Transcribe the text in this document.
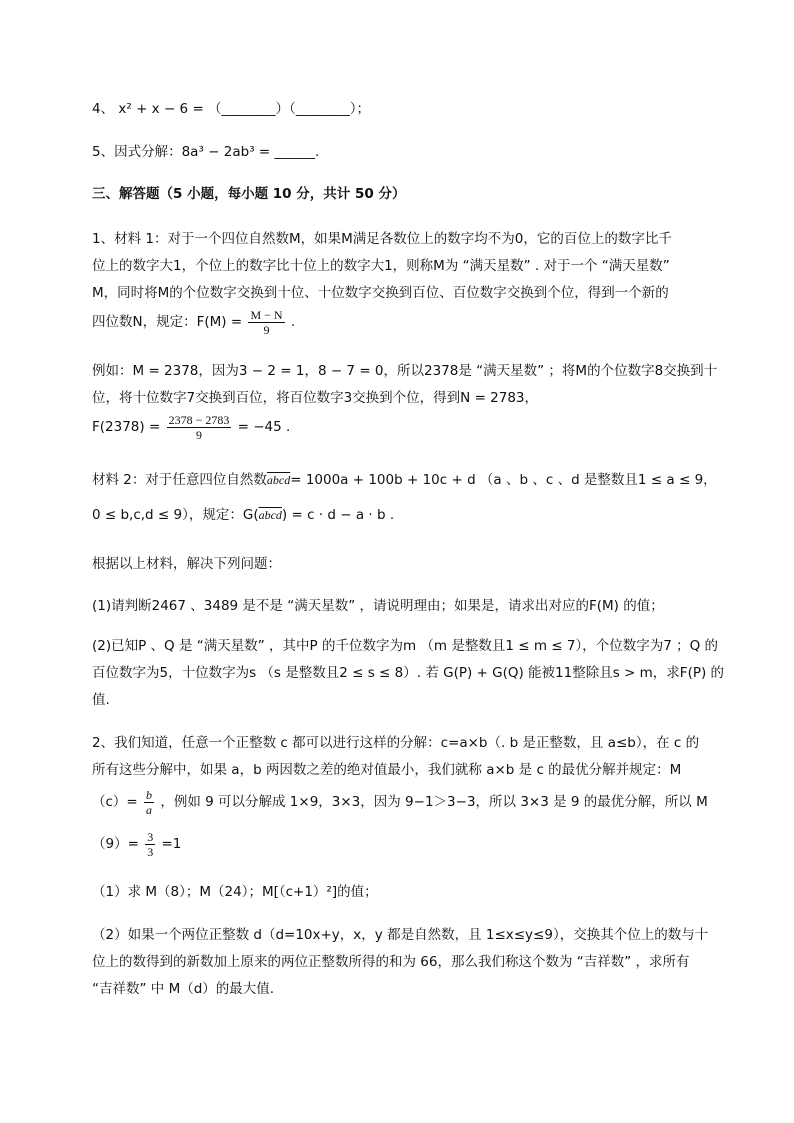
4、 x² + x − 6 = （________）（________）；
5、因式分解：8a³ − 2ab³ = ______.
三、解答题（5 小题，每小题 10 分，共计 50 分）
1、材料 1：对于一个四位自然数M，如果M满足各数位上的数字均不为0，它的百位上的数字比千
位上的数字大1，个位上的数字比十位上的数字大1，则称M为 “满天星数” . 对于一个 “满天星数”
M，同时将M的个位数字交换到十位、十位数字交换到百位、百位数字交换到个位，得到一个新的
四位数N，规定：$F(M) = \frac{M - N}{9}$ .
例如：M = 2378，因为3 − 2 = 1，8 − 7 = 0，所以2378是 “满天星数” ；将M的个位数字8交换到十
位，将十位数字7交换到百位，将百位数字3交换到个位，得到N = 2783，
$F(2378) = \frac{2378 - 2783}{9} = -45$ .
材料 2：对于任意四位自然数abcd= 1000a + 100b + 10c + d （a 、b 、c 、d 是整数且1 ≤ a ≤ 9，
0 ≤ b,c,d ≤ 9），规定：G(abcd) = c · d − a · b .
根据以上材料，解决下列问题：
(1)请判断2467 、3489 是不是 “满天星数” ，请说明理由；如果是，请求出对应的F(M) 的值；
(2)已知P 、Q 是 “满天星数” ，其中P 的千位数字为m （m 是整数且1 ≤ m ≤ 7），个位数字为7 ；Q 的
百位数字为5，十位数字为s （s 是整数且2 ≤ s ≤ 8）. 若 G(P) + G(Q) 能被11整除且s > m，求F(P) 的
值.
2、我们知道，任意一个正整数 c 都可以进行这样的分解：c=a×b（. b 是正整数，且 a≤b），在 c 的
所有这些分解中，如果 a，b 两因数之差的绝对值最小，我们就称 a×b 是 c 的最优分解并规定：M
$(c)= \frac{b}{a}$ ，例如 9 可以分解成 1×9，3×3，因为 9−1＞3−3，所以 3×3 是 9 的最优分解，所以 M
$(9)= \frac{3}{3} =1$
（1）求 M（8）；M（24）；M[（c+1）²]的值；
（2）如果一个两位正整数 d（d=10x+y，x，y 都是自然数，且 1≤x≤y≤9），交换其个位上的数与十
位上的数得到的新数加上原来的两位正整数所得的和为 66，那么我们称这个数为 “吉祥数” ，求所有
“吉祥数” 中 M（d）的最大值.
